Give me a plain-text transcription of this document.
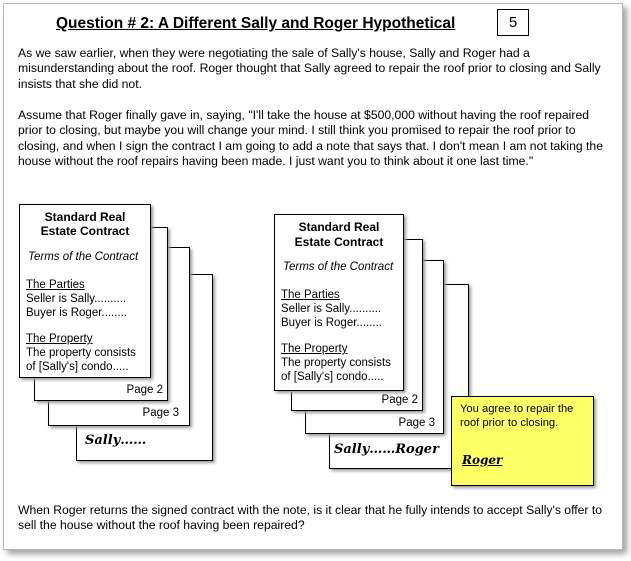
Question # 2: A Different Sally and Roger Hypothetical	5
As we saw earlier, when they were negotiating the sale of Sally's house, Sally and Roger had a misunderstanding about the roof. Roger thought that Sally agreed to repair the roof prior to closing and Sally insists that she did not.
Assume that Roger finally gave in, saying, "I'll take the house at $500,000 without having the roof repaired prior to closing, but maybe you will change your mind. I still think you promised to repair the roof prior to closing, and when I sign the contract I am going to add a note that says that. I don't mean I am not taking the house without the roof repairs having been made. I just want you to think about it one last time."
Sally……
Page 3
Page 2
Standard Real
Estate Contract
Terms of the Contract
The Parties
Seller is Sally..........
Buyer is Roger........
The Property
The property consists
of [Sally's] condo.....
Sally……Roger
Page 3
Page 2
Standard Real
Estate Contract
Terms of the Contract
The Parties
Seller is Sally..........
Buyer is Roger........
The Property
The property consists
of [Sally's] condo.....
You agree to repair the roof prior to closing.
Roger
When Roger returns the signed contract with the note, is it clear that he fully intends to accept Sally's offer to sell the house without the roof having been repaired?
